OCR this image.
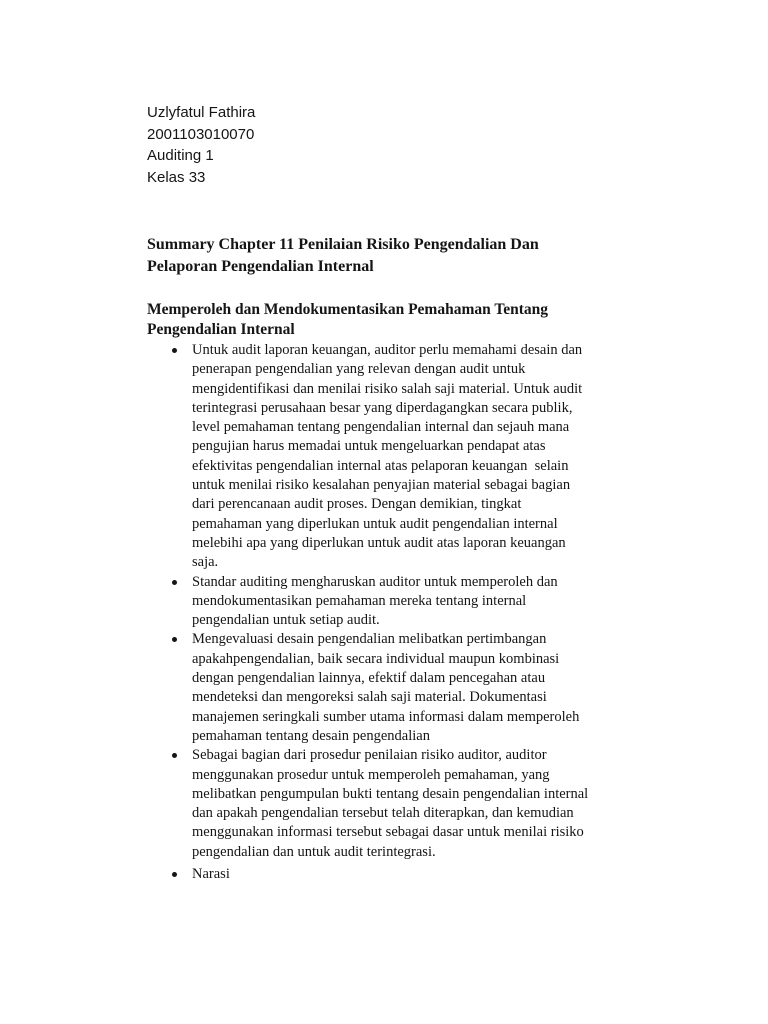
Uzlyfatul Fathira
2001103010070
Auditing 1
Kelas 33
Summary Chapter 11 Penilaian Risiko Pengendalian Dan
Pelaporan Pengendalian Internal
Memperoleh dan Mendokumentasikan Pemahaman Tentang
Pengendalian Internal
Untuk audit laporan keuangan, auditor perlu memahami desain dan
penerapan pengendalian yang relevan dengan audit untuk
mengidentifikasi dan menilai risiko salah saji material. Untuk audit
terintegrasi perusahaan besar yang diperdagangkan secara publik,
level pemahaman tentang pengendalian internal dan sejauh mana
pengujian harus memadai untuk mengeluarkan pendapat atas
efektivitas pengendalian internal atas pelaporan keuangan  selain
untuk menilai risiko kesalahan penyajian material sebagai bagian
dari perencanaan audit proses. Dengan demikian, tingkat
pemahaman yang diperlukan untuk audit pengendalian internal
melebihi apa yang diperlukan untuk audit atas laporan keuangan
saja.
Standar auditing mengharuskan auditor untuk memperoleh dan
mendokumentasikan pemahaman mereka tentang internal
pengendalian untuk setiap audit.
Mengevaluasi desain pengendalian melibatkan pertimbangan
apakahpengendalian, baik secara individual maupun kombinasi
dengan pengendalian lainnya, efektif dalam pencegahan atau
mendeteksi dan mengoreksi salah saji material. Dokumentasi
manajemen seringkali sumber utama informasi dalam memperoleh
pemahaman tentang desain pengendalian
Sebagai bagian dari prosedur penilaian risiko auditor, auditor
menggunakan prosedur untuk memperoleh pemahaman, yang
melibatkan pengumpulan bukti tentang desain pengendalian internal
dan apakah pengendalian tersebut telah diterapkan, dan kemudian
menggunakan informasi tersebut sebagai dasar untuk menilai risiko
pengendalian dan untuk audit terintegrasi.
Narasi
